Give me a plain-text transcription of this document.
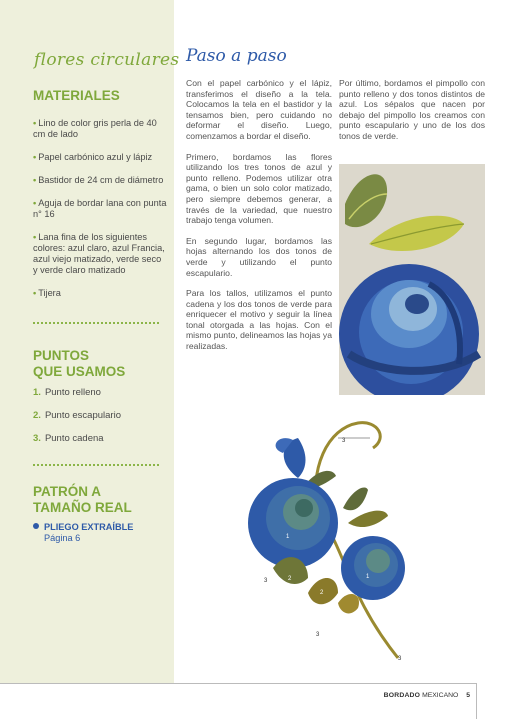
flores circulares
MATERIALES
• Lino de color gris perla de 40 cm de lado
• Papel carbónico azul y lápiz
• Bastidor de 24 cm de diámetro
• Aguja de bordar lana con punta n° 16
• Lana fina de los siguientes colores: azul claro, azul Francia, azul viejo matizado, verde seco y verde claro matizado
• Tijera
PUNTOS
QUE USAMOS
1. Punto relleno
2. Punto escapulario
3. Punto cadena
PATRÓN A
TAMAÑO REAL
PLIEGO EXTRAÍBLE
Página 6
Paso a paso

Con el papel carbónico y el lápiz, transferimos el diseño a la tela. Colocamos la tela en el bastidor y la tensamos bien, pero cuidando no deformar el diseño. Luego, comenzamos a bordar el diseño.

Primero, bordamos las flores utilizando los tres tonos de azul y punto relleno. Podemos utilizar otra gama, o bien un solo color matizado, pero siempre debemos generar, a través de la variedad, que nuestro trabajo tenga volumen.

En segundo lugar, bordamos las hojas alternando los dos tonos de verde y utilizando el punto escapulario.

Para los tallos, utilizamos el punto cadena y los dos tonos de verde para enriquecer el motivo y seguir la línea tonal otorgada a las hojas. Con el mismo punto, delineamos las hojas ya realizadas.

Por último, bordamos el pimpollo con punto relleno y dos tonos distintos de azul. Los sépalos que nacen por debajo del pimpollo los creamos con punto escapulario y uno de los dos tonos de verde.

3
3
3
3
1
1
2
2
BORDADO MEXICANO 5
